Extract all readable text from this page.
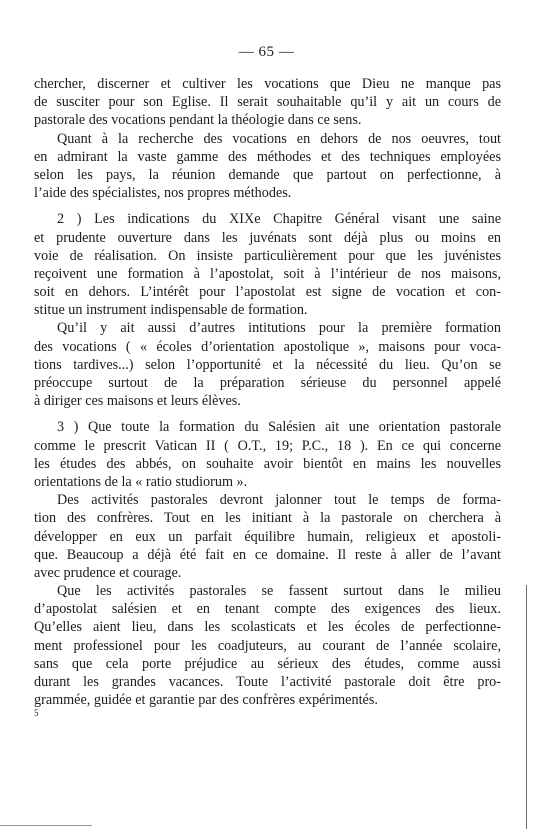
— 65 —
chercher, discerner et cultiver les vocations que Dieu ne manque pas
de susciter pour son Eglise. Il serait souhaitable qu’il y ait un cours de
pastorale des vocations pendant la théologie dans ce sens.
Quant à la recherche des vocations en dehors de nos oeuvres, tout
en admirant la vaste gamme des méthodes et des techniques employées
selon les pays, la réunion demande que partout on perfectionne, à
l’aide des spécialistes, nos propres méthodes.
2 ) Les indications du XIXe Chapitre Général visant une saine
et prudente ouverture dans les juvénats sont déjà plus ou moins en
voie de réalisation. On insiste particulièrement pour que les juvénistes
reçoivent une formation à l’apostolat, soit à l’intérieur de nos maisons,
soit en dehors. L’intérêt pour l’apostolat est signe de vocation et con-
stitue un instrument indispensable de formation.
Qu’il y ait aussi d’autres intitutions pour la première formation
des vocations ( « écoles d’orientation apostolique », maisons pour voca-
tions tardives...) selon l’opportunité et la nécessité du lieu. Qu’on se
préoccupe surtout de la préparation sérieuse du personnel appelé
à diriger ces maisons et leurs élèves.
3 ) Que toute la formation du Salésien ait une orientation pastorale
comme le prescrit Vatican II ( O.T., 19; P.C., 18 ). En ce qui concerne
les études des abbés, on souhaite avoir bientôt en mains les nouvelles
orientations de la « ratio studiorum ».
Des activités pastorales devront jalonner tout le temps de forma-
tion des confrères. Tout en les initiant à la pastorale on cherchera à
développer en eux un parfait équilibre humain, religieux et apostoli-
que. Beaucoup a déjà été fait en ce domaine. Il reste à aller de l’avant
avec prudence et courage.
Que les activités pastorales se fassent surtout dans le milieu
d’apostolat salésien et en tenant compte des exigences des lieux.
Qu’elles aient lieu, dans les scolasticats et les écoles de perfectionne-
ment professionel pour les coadjuteurs, au courant de l’année scolaire,
sans que cela porte préjudice au sérieux des études, comme aussi
durant les grandes vacances. Toute l’activité pastorale doit être pro-
grammée, guidée et garantie par des confrères expérimentés.
5
